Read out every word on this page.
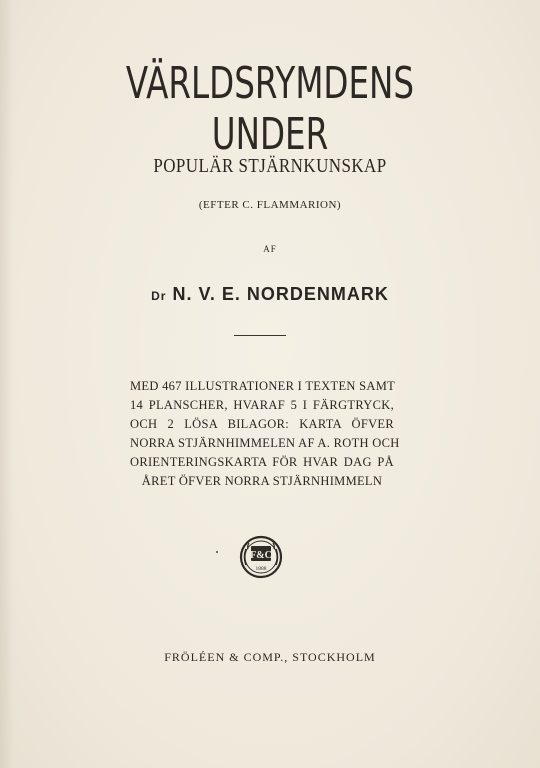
VÄRLDSRYMDENS UNDER
POPULÄR STJÄRNKUNSKAP
(EFTER C. FLAMMARION)
AF
Dr N. V. E. NORDENMARK
MED 467 ILLUSTRATIONER I TEXTEN SAMT
14 PLANSCHER, HVARAF 5 I FÄRGTRYCK,
OCH 2 LÖSA BILAGOR: KARTA ÖFVER
NORRA STJÄRNHIMMELEN AF A. ROTH OCH
ORIENTERINGSKARTA FÖR HVAR DAG PÅ
ÅRET ÖFVER NORRA STJÄRNHIMMELN
F&C
1888
FRÖLÉEN & COMP., STOCKHOLM
